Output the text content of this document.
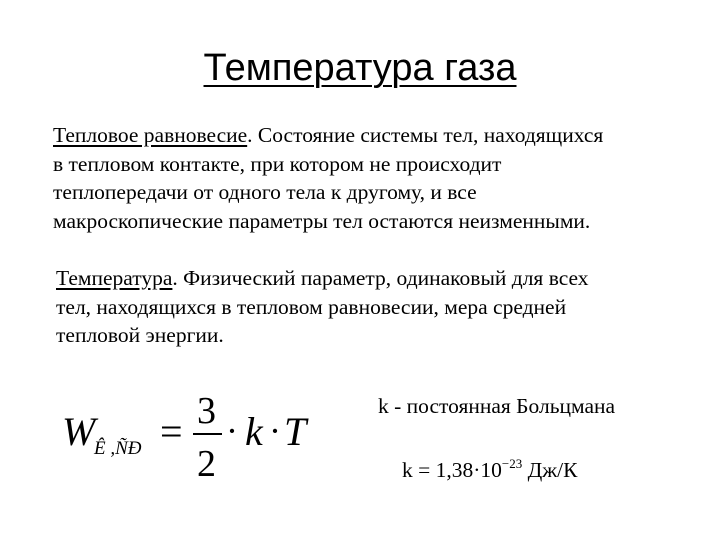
Температура газа
Тепловое равновесие. Состояние системы тел, находящихся
в тепловом контакте, при котором не происходит
теплопередачи от одного тела к другому, и все
макроскопические параметры тел остаются неизменными.
Температура. Физический параметр, одинаковый для всех
тел, находящихся в тепловом равновесии, мера средней
тепловой энергии.
W
Ê ,ÑÐ = 3
2
· k · T
k - постоянная Больцмана
$k = 1,38\cdot 10^{-23}$ Дж/К
